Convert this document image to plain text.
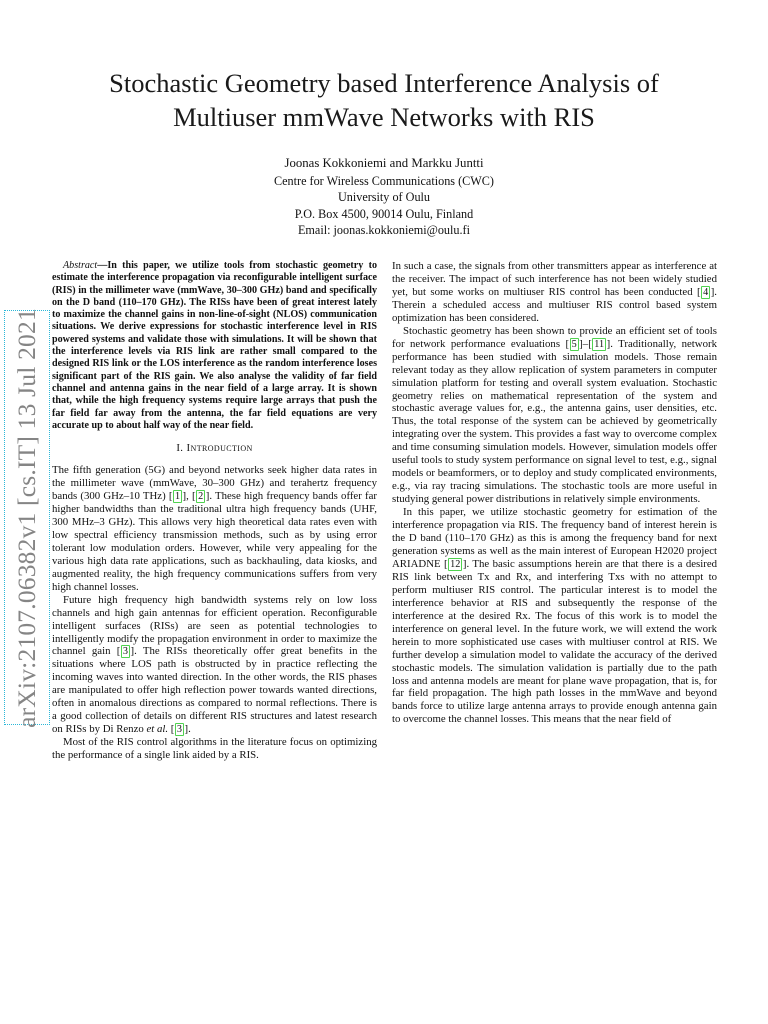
Stochastic Geometry based Interference Analysis of
Multiuser mmWave Networks with RIS
Joonas Kokkoniemi and Markku Juntti
Centre for Wireless Communications (CWC)
University of Oulu
P.O. Box 4500, 90014 Oulu, Finland
Email: joonas.kokkoniemi@oulu.fi
arXiv:2107.06382v1 [cs.IT] 13 Jul 2021

Abstract—In this paper, we utilize tools from stochastic geometry to estimate the interference propagation via reconfigurable intelligent surface (RIS) in the millimeter wave (mmWave, 30–300 GHz) band and specifically on the D band (110–170 GHz). The RISs have been of great interest lately to maximize the channel gains in non-line-of-sight (NLOS) communication situations. We derive expressions for stochastic interference level in RIS powered systems and validate those with simulations. It will be shown that the interference levels via RIS link are rather small compared to the designed RIS link or the LOS interference as the random interference loses significant part of the RIS gain. We also analyse the validity of far field channel and antenna gains in the near field of a large array. It is shown that, while the high frequency systems require large arrays that push the far field far away from the antenna, the far field equations are very accurate up to about half way of the near field.

I. Introduction

The fifth generation (5G) and beyond networks seek higher data rates in the millimeter wave (mmWave, 30–300 GHz) and terahertz frequency bands (300 GHz–10 THz) [ 1 ], [ 2 ]. These high frequency bands offer far higher bandwidths than the traditional ultra high frequency bands (UHF, 300 MHz–3 GHz). This allows very high theoretical data rates even with low spectral efficiency transmission methods, such as by using error tolerant low modulation orders. However, while very appealing for the various high data rate applications, such as backhauling, data kiosks, and augmented reality, the high frequency communications suffers from very high channel losses.

Future high frequency high bandwidth systems rely on low loss channels and high gain antennas for efficient operation. Reconfigurable intelligent surfaces (RISs) are seen as potential technologies to intelligently modify the propagation environment in order to maximize the channel gain [ 3 ]. The RISs theoretically offer great benefits in the situations where LOS path is obstructed by in practice reflecting the incoming waves into wanted direction. In the other words, the RIS phases are manipulated to offer high reflection power towards wanted directions, often in anomalous directions as compared to normal reflections. There is a good collection of details on different RIS structures and latest research on RISs by Di Renzo et al. [ 3 ].

Most of the RIS control algorithms in the literature focus on optimizing the performance of a single link aided by a RIS.

In such a case, the signals from other transmitters appear as interference at the receiver. The impact of such interference has not been widely studied yet, but some works on multiuser RIS control has been conducted [ 4 ]. Therein a scheduled access and multiuser RIS control based system optimization has been considered.

Stochastic geometry has been shown to provide an efficient set of tools for network performance evaluations [ 5 ]–[ 11 ]. Traditionally, network performance has been studied with simulation models. Those remain relevant today as they allow replication of system parameters in computer simulation platform for testing and overall system evaluation. Stochastic geometry relies on mathematical representation of the system and stochastic average values for, e.g., the antenna gains, user densities, etc. Thus, the total response of the system can be achieved by geometrically integrating over the system. This provides a fast way to overcome complex and time consuming simulation models. However, simulation models offer useful tools to study system performance on signal level to test, e.g., signal models or beamformers, or to deploy and study complicated environments, e.g., via ray tracing simulations. The stochastic tools are more useful in studying general power distributions in relatively simple environments.

In this paper, we utilize stochastic geometry for estimation of the interference propagation via RIS. The frequency band of interest herein is the D band (110–170 GHz) as this is among the frequency band for next generation systems as well as the main interest of European H2020 project ARIADNE [ 12 ]. The basic assumptions herein are that there is a desired RIS link between Tx and Rx, and interfering Txs with no attempt to perform multiuser RIS control. The particular interest is to model the interference behavior at RIS and subsequently the response of the interference at the desired Rx. The focus of this work is to model the interference on general level. In the future work, we will extend the work herein to more sophisticated use cases with multiuser control at RIS. We further develop a simulation model to validate the accuracy of the derived stochastic models. The simulation validation is partially due to the path loss and antenna models are meant for plane wave propagation, that is, for far field propagation. The high path losses in the mmWave and beyond bands force to utilize large antenna arrays to provide enough antenna gain to overcome the channel losses. This means that the near field of
